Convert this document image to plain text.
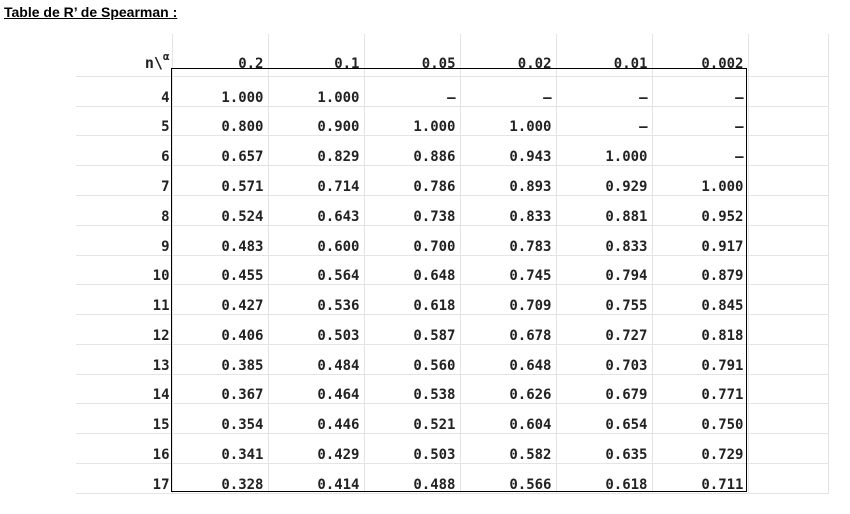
Table de R’ de Spearman :
n\$^\alpha$	0.2	0.1	0.05	0.02	0.01	0.002	
4	1.000	1.000	—	—	—	—	
5	0.800	0.900	1.000	1.000	—	—	
6	0.657	0.829	0.886	0.943	1.000	—	
7	0.571	0.714	0.786	0.893	0.929	1.000	
8	0.524	0.643	0.738	0.833	0.881	0.952	
9	0.483	0.600	0.700	0.783	0.833	0.917	
10	0.455	0.564	0.648	0.745	0.794	0.879	
11	0.427	0.536	0.618	0.709	0.755	0.845	
12	0.406	0.503	0.587	0.678	0.727	0.818	
13	0.385	0.484	0.560	0.648	0.703	0.791	
14	0.367	0.464	0.538	0.626	0.679	0.771	
15	0.354	0.446	0.521	0.604	0.654	0.750	
16	0.341	0.429	0.503	0.582	0.635	0.729	
17	0.328	0.414	0.488	0.566	0.618	0.711	
